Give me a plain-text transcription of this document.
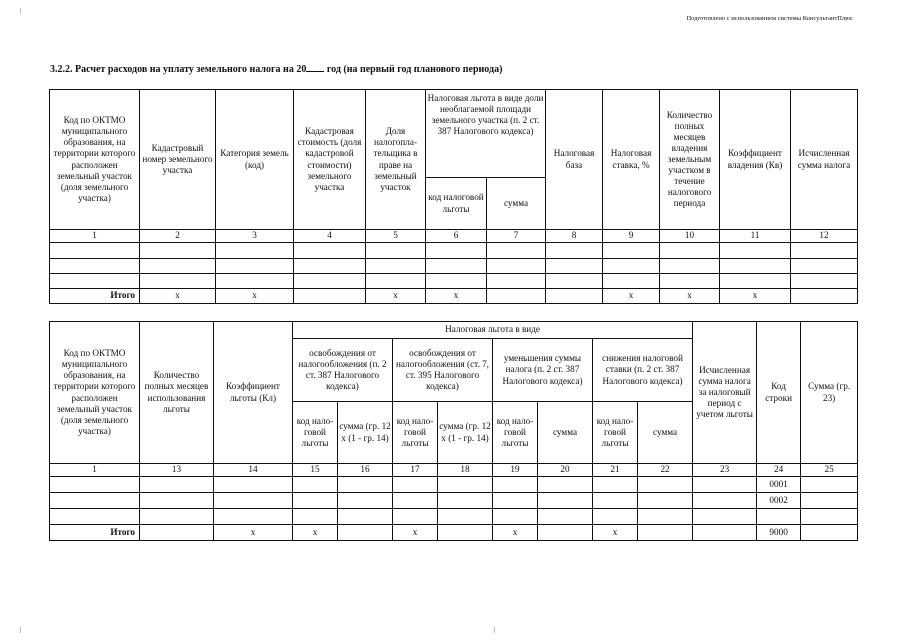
Подготовлено с использованием системы КонсультантПлюс
3.2.2. Расчет расходов на уплату земельного налога на 20 год (на первый год планового периода)
Код по ОКТМО муниципального образования, на территории которого расположен земельный участок (доля земельного участка)	Кадастровый номер земельного участка	Категория земель (код)	Кадастровая стоимость (доля кадастровой стоимости) земельного участка	Доля налогопла-тельщика в праве на земельный участок	Налоговая льгота в виде доли необлагаемой площади земельного участка (п. 2 ст. 387 Налогового кодекса)		Налоговая база	Налоговая ставка, %	Количество полных месяцев владения земельным участком в течение налогового периода	Коэффициент владения (Кв)	Исчисленная сумма налога
					код налоговой льготы	сумма					
1	2	3	4	5	6	7	8	9	10	11	12

Итого	x	x		x	x			x	x	x	
Код по ОКТМО муниципального образования, на территории которого расположен земельный участок (доля земельного участка)	Количество полных месяцев использования льготы	Коэффициент льготы (Кл)	Налоговая льгота в виде								Исчисленная сумма налога за налоговый период с учетом льготы	Код строки	Сумма (гр. 23)
			освобождения от налогообложения (п. 2 ст. 387 Налогового кодекса)		освобождения от налогообложения (ст. 7, ст. 395 Налогового кодекса)		уменьшения суммы налога (п. 2 ст. 387 Налогового кодекса)		снижения налоговой ставки (п. 2 ст. 387 Налогового кодекса)				
			код нало-говой льготы	сумма (гр. 12 x (1 - гр. 14)	код нало-говой льготы	сумма (гр. 12 x (1 - гр. 14)	код нало-говой льготы	сумма	код нало-говой льготы	сумма			
1	13	14	15	16	17	18	19	20	21	22	23	24	25
												0001	
												0002	

Итого		x	x		x		x		x			9000	
